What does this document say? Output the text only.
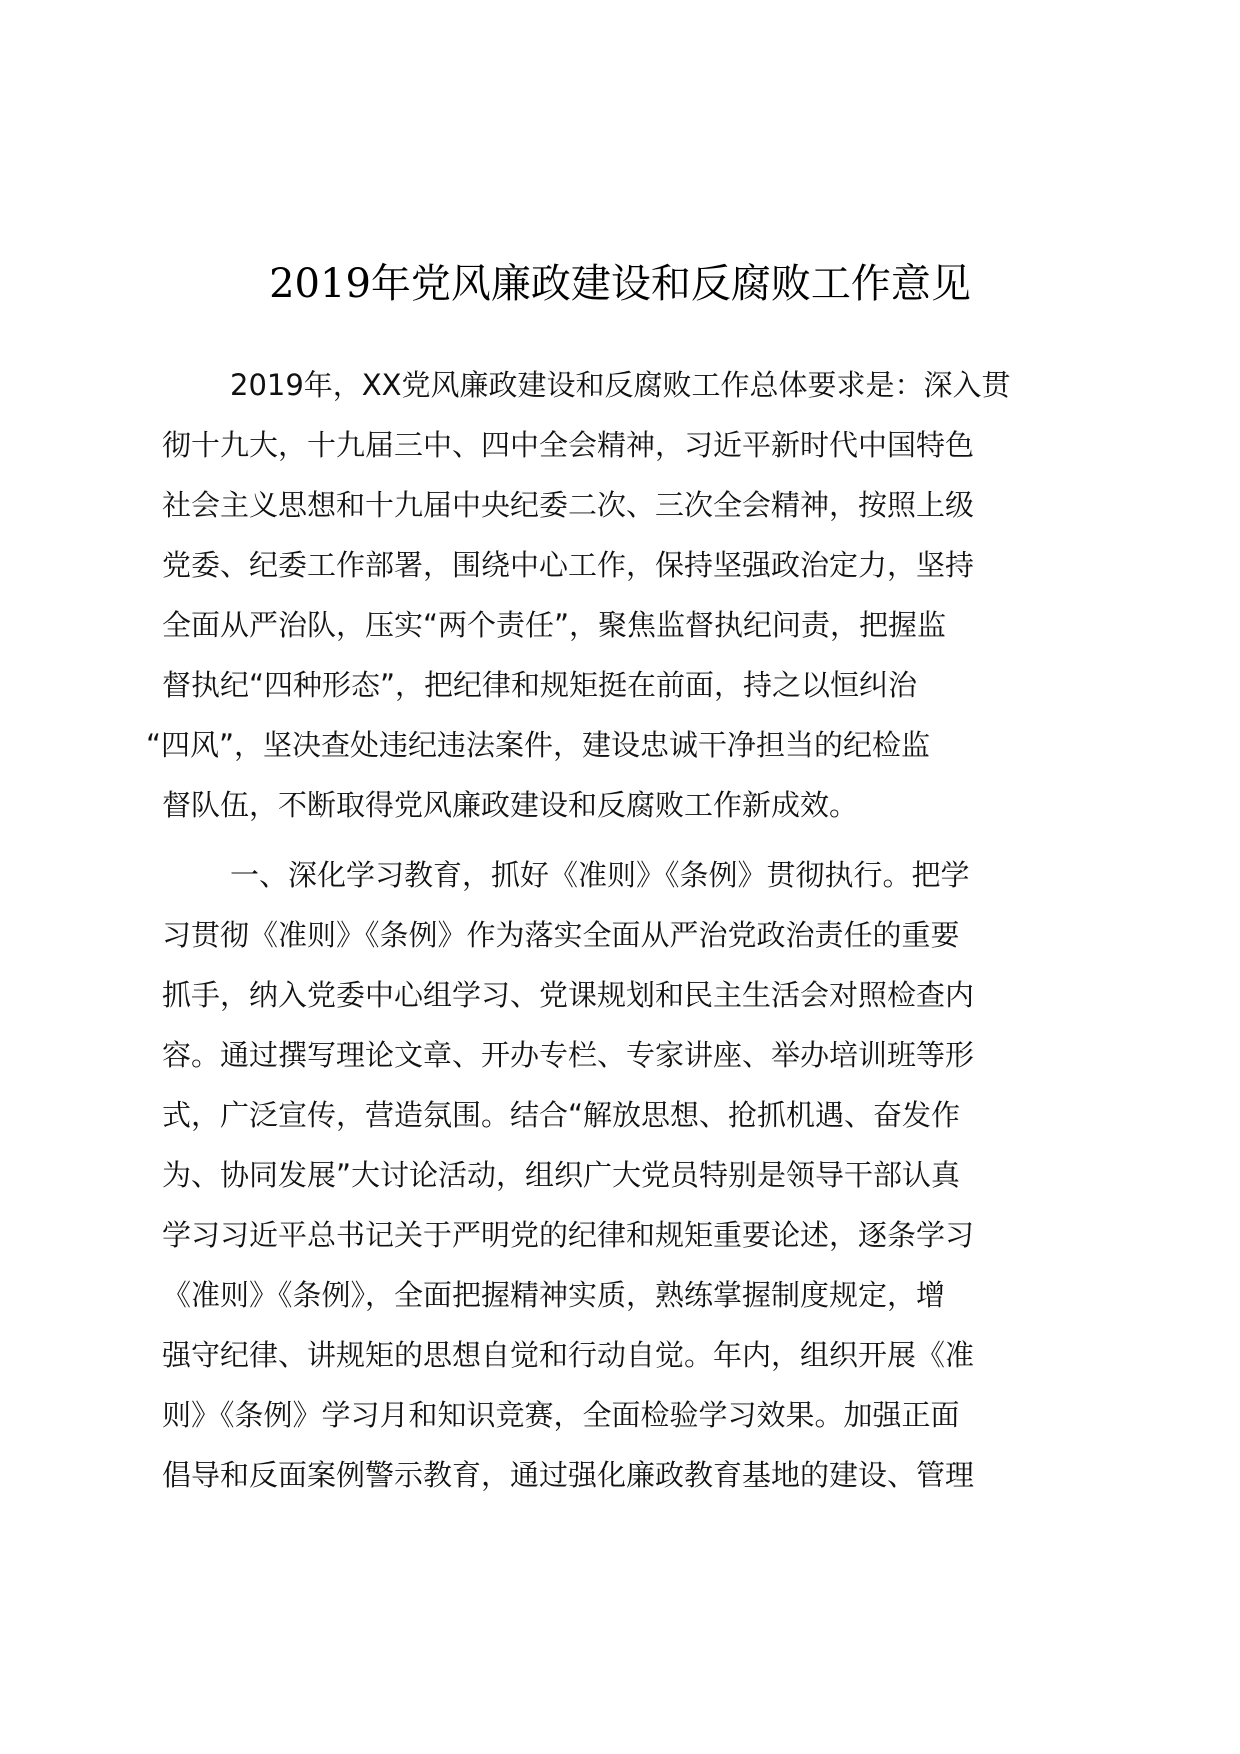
2019年党风廉政建设和反腐败工作意见
2019年，XX党风廉政建设和反腐败工作总体要求是：深入贯
彻十九大，十九届三中、四中全会精神，习近平新时代中国特色
社会主义思想和十九届中央纪委二次、三次全会精神，按照上级
党委、纪委工作部署，围绕中心工作，保持坚强政治定力，坚持
全面从严治队，压实“两个责任”，聚焦监督执纪问责，把握监
督执纪“四种形态”，把纪律和规矩挺在前面，持之以恒纠治
“四风”，坚决查处违纪违法案件，建设忠诚干净担当的纪检监
督队伍，不断取得党风廉政建设和反腐败工作新成效。
一、深化学习教育，抓好《准则》《条例》贯彻执行。把学
习贯彻《准则》《条例》作为落实全面从严治党政治责任的重要
抓手，纳入党委中心组学习、党课规划和民主生活会对照检查内
容。通过撰写理论文章、开办专栏、专家讲座、举办培训班等形
式，广泛宣传，营造氛围。结合“解放思想、抢抓机遇、奋发作
为、协同发展”大讨论活动，组织广大党员特别是领导干部认真
学习习近平总书记关于严明党的纪律和规矩重要论述，逐条学习
《准则》《条例》，全面把握精神实质，熟练掌握制度规定，增
强守纪律、讲规矩的思想自觉和行动自觉。年内，组织开展《准
则》《条例》学习月和知识竞赛，全面检验学习效果。加强正面
倡导和反面案例警示教育，通过强化廉政教育基地的建设、管理
